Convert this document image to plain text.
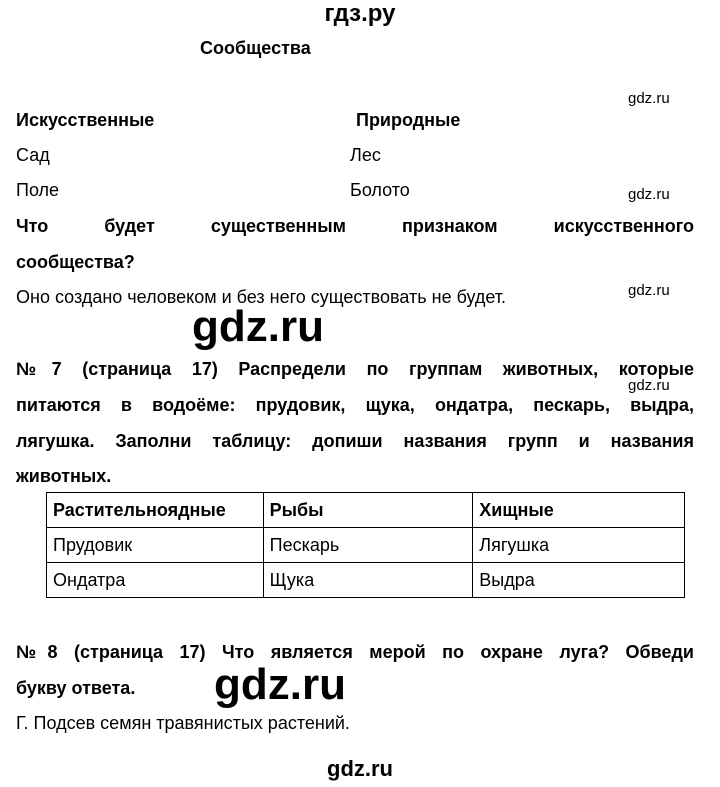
гдз.ру
Сообщества
gdz.ru
gdz.ru
gdz.ru
gdz.ru
Искусственные	Природные
Сад	Лес
Поле	Болото
Что будет существенным признаком искусственного
сообщества?
Оно создано человеком и без него существовать не будет.
gdz.ru
№7 (страница 17) Распредели по группам животных, которые
питаются в водоёме: прудовик, щука, ондатра, пескарь, выдра,
лягушка. Заполни таблицу: допиши названия групп и названия
животных.
Растительноядные	Рыбы	Хищные
Прудовик	Пескарь	Лягушка
Ондатра	Щука	Выдра
№8 (страница 17) Что является мерой по охране луга? Обведи
букву ответа. gdz.ru
Г. Подсев семян травянистых растений.
gdz.ru
